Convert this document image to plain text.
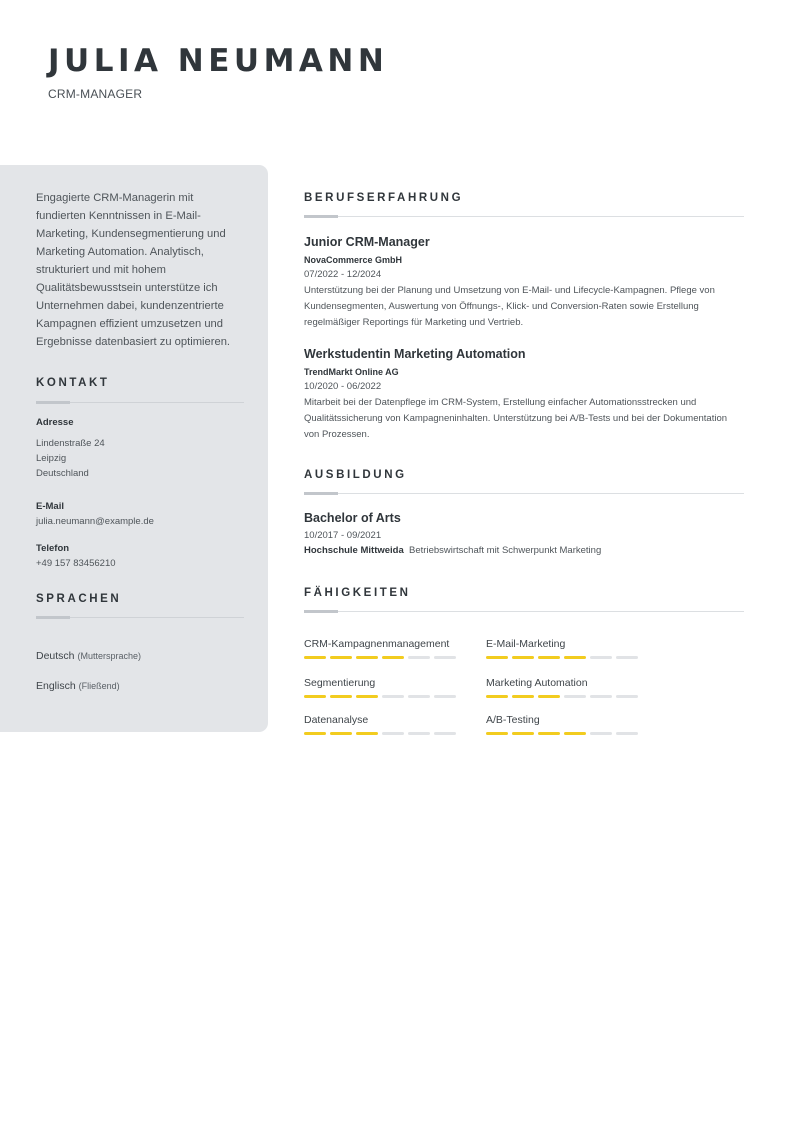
JULIA NEUMANN
CRM-MANAGER
Engagierte CRM-Managerin mit fundierten Kenntnissen in E-Mail-Marketing, Kundensegmentierung und Marketing Automation. Analytisch, strukturiert und mit hohem Qualitätsbewusstsein unterstütze ich Unternehmen dabei, kundenzentrierte Kampagnen effizient umzusetzen und Ergebnisse datenbasiert zu optimieren.
KONTAKT
Adresse
Lindenstraße 24
Leipzig
Deutschland
E-Mail
julia.neumann@example.de
Telefon
+49 157 83456210
SPRACHEN
Deutsch (Muttersprache)
Englisch (Fließend)
BERUFSERFAHRUNG
Junior CRM-Manager
NovaCommerce GmbH
07/2022 - 12/2024
Unterstützung bei der Planung und Umsetzung von E-Mail- und Lifecycle-Kampagnen. Pflege von Kundensegmenten, Auswertung von Öffnungs-, Klick- und Conversion-Raten sowie Erstellung regelmäßiger Reportings für Marketing und Vertrieb.
Werkstudentin Marketing Automation
TrendMarkt Online AG
10/2020 - 06/2022
Mitarbeit bei der Datenpflege im CRM-System, Erstellung einfacher Automationsstrecken und Qualitätssicherung von Kampagneninhalten. Unterstützung bei A/B-Tests und bei der Dokumentation von Prozessen.
AUSBILDUNG
Bachelor of Arts
10/2017 - 09/2021
Hochschule Mittweida Betriebswirtschaft mit Schwerpunkt Marketing
FÄHIGKEITEN
CRM-Kampagnenmanagement	E-Mail-Marketing
Segmentierung	Marketing Automation
Datenanalyse	A/B-Testing
